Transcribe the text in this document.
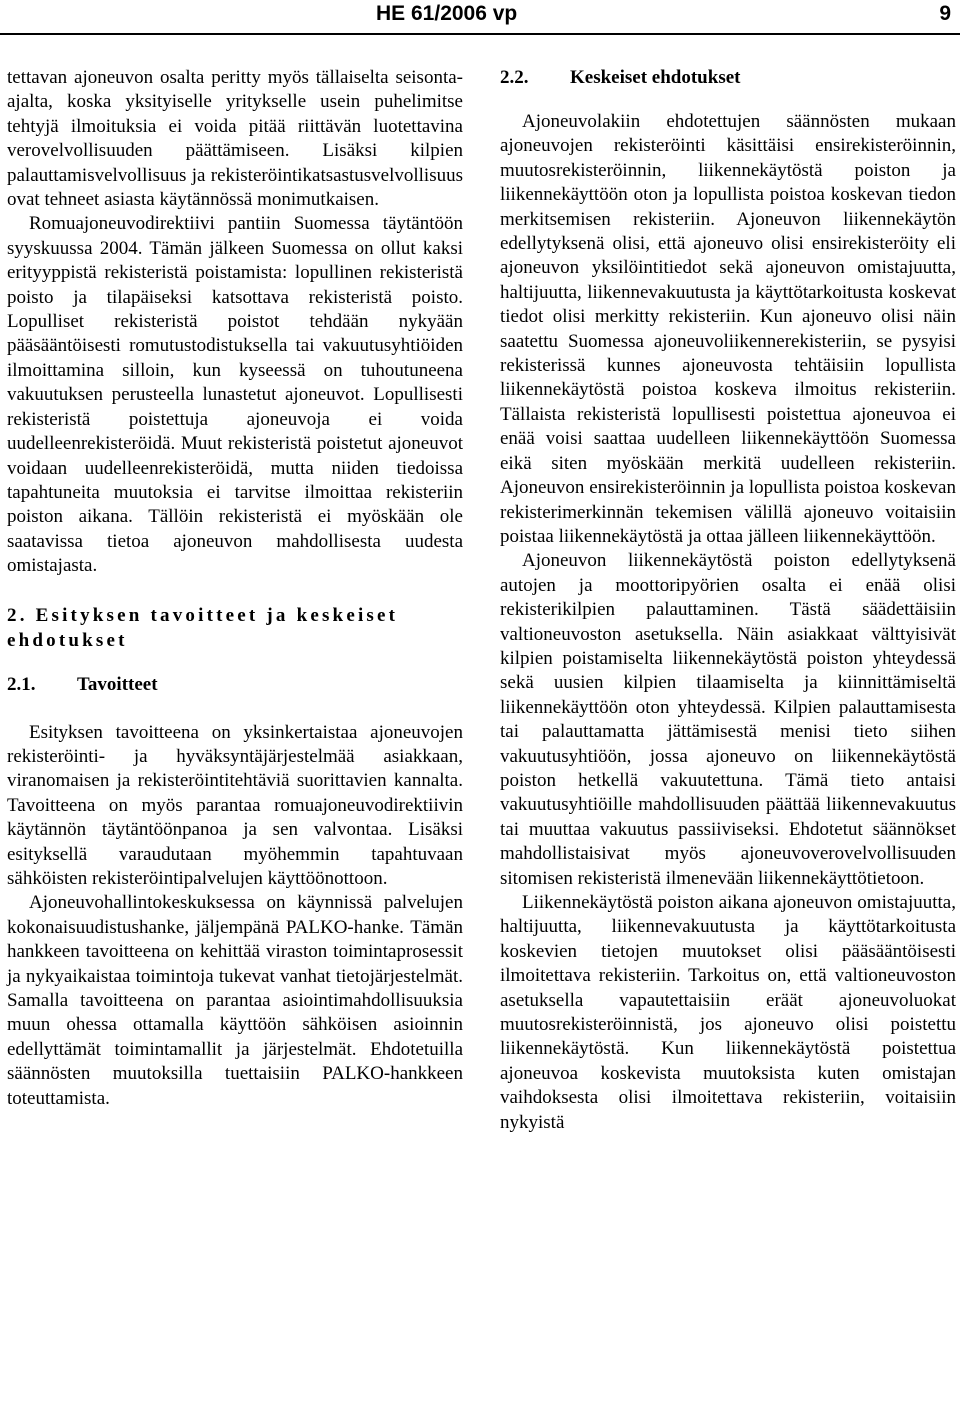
HE 61/2006 vp	9

tettavan ajoneuvon osalta peritty myös tällaiselta seisonta-ajalta, koska yksityiselle yritykselle usein puhelimitse tehtyjä ilmoituksia ei voida pitää riittävän luotettavina verovelvollisuuden päättämiseen. Lisäksi kilpien palauttamisvelvollisuus ja rekisteröintikatsastusvelvollisuus ovat tehneet asiasta käytännössä monimutkaisen.

Romuajoneuvodirektiivi pantiin Suomessa täytäntöön syyskuussa 2004. Tämän jälkeen Suomessa on ollut kaksi erityyppistä rekisteristä poistamista: lopullinen rekisteristä poisto ja tilapäiseksi katsottava rekisteristä poisto. Lopulliset rekisteristä poistot tehdään nykyään pääsääntöisesti romutustodistuksella tai vakuutusyhtiöiden ilmoittamina silloin, kun kyseessä on tuhoutuneena vakuutuksen perusteella lunastetut ajoneuvot. Lopullisesti rekisteristä poistettuja ajoneuvoja ei voida uudelleenrekisteröidä. Muut rekisteristä poistetut ajoneuvot voidaan uudelleenrekisteröidä, mutta niiden tiedoissa tapahtuneita muutoksia ei tarvitse ilmoittaa rekisteriin poiston aikana. Tällöin rekisteristä ei myöskään ole saatavissa tietoa ajoneuvon mahdollisesta uudesta omistajasta.

2. Esityksen tavoitteet ja keskeiset ehdotukset
2.1. Tavoitteet

Esityksen tavoitteena on yksinkertaistaa ajoneuvojen rekisteröinti- ja hyväksyntäjärjestelmää asiakkaan, viranomaisen ja rekisteröintitehtäviä suorittavien kannalta. Tavoitteena on myös parantaa romuajoneuvodirektiivin käytännön täytäntöönpanoa ja sen valvontaa. Lisäksi esityksellä varaudutaan myöhemmin tapahtuvaan sähköisten rekisteröintipalvelujen käyttöönottoon.

Ajoneuvohallintokeskuksessa on käynnissä palvelujen kokonaisuudistushanke, jäljempänä PALKO-hanke. Tämän hankkeen tavoitteena on kehittää viraston toimintaprosessit ja nykyaikaistaa toimintoja tukevat vanhat tietojärjestelmät. Samalla tavoitteena on parantaa asiointimahdollisuuksia muun ohessa ottamalla käyttöön sähköisen asioinnin edellyttämät toimintamallit ja järjestelmät. Ehdotetuilla säännösten muutoksilla tuettaisiin PALKO-hankkeen toteuttamista.

2.2. Keskeiset ehdotukset

Ajoneuvolakiin ehdotettujen säännösten mukaan ajoneuvojen rekisteröinti käsittäisi ensirekisteröinnin, muutosrekisteröinnin, liikennekäytöstä poiston ja liikennekäyttöön oton ja lopullista poistoa koskevan tiedon merkitsemisen rekisteriin. Ajoneuvon liikennekäytön edellytyksenä olisi, että ajoneuvo olisi ensirekisteröity eli ajoneuvon yksilöintitiedot sekä ajoneuvon omistajuutta, haltijuutta, liikennevakuutusta ja käyttötarkoitusta koskevat tiedot olisi merkitty rekisteriin. Kun ajoneuvo olisi näin saatettu Suomessa ajoneuvoliikennerekisteriin, se pysyisi rekisterissä kunnes ajoneuvosta tehtäisiin lopullista liikennekäytöstä poistoa koskeva ilmoitus rekisteriin. Tällaista rekisteristä lopullisesti poistettua ajoneuvoa ei enää voisi saattaa uudelleen liikennekäyttöön Suomessa eikä siten myöskään merkitä uudelleen rekisteriin. Ajoneuvon ensirekisteröinnin ja lopullista poistoa koskevan rekisterimerkinnän tekemisen välillä ajoneuvo voitaisiin poistaa liikennekäytöstä ja ottaa jälleen liikennekäyttöön.

Ajoneuvon liikennekäytöstä poiston edellytyksenä autojen ja moottoripyörien osalta ei enää olisi rekisterikilpien palauttaminen. Tästä säädettäisiin valtioneuvoston asetuksella. Näin asiakkaat välttyisivät kilpien poistamiselta liikennekäytöstä poiston yhteydessä sekä uusien kilpien tilaamiselta ja kiinnittämiseltä liikennekäyttöön oton yhteydessä. Kilpien palauttamisesta tai palauttamatta jättämisestä menisi tieto siihen vakuutusyhtiöön, jossa ajoneuvo on liikennekäytöstä poiston hetkellä vakuutettuna. Tämä tieto antaisi vakuutusyhtiöille mahdollisuuden päättää liikennevakuutus tai muuttaa vakuutus passiiviseksi. Ehdotetut säännökset mahdollistaisivat myös ajoneuvoverovelvollisuuden sitomisen rekisteristä ilmenevään liikennekäyttötietoon.

Liikennekäytöstä poiston aikana ajoneuvon omistajuutta, haltijuutta, liikennevakuutusta ja käyttötarkoitusta koskevien tietojen muutokset olisi pääsääntöisesti ilmoitettava rekisteriin. Tarkoitus on, että valtioneuvoston asetuksella vapautettaisiin eräät ajoneuvoluokat muutosrekisteröinnistä, jos ajoneuvo olisi poistettu liikennekäytöstä. Kun liikennekäytöstä poistettua ajoneuvoa koskevista muutoksista kuten omistajan vaihdoksesta olisi ilmoitettava rekisteriin, voitaisiin nykyistä
